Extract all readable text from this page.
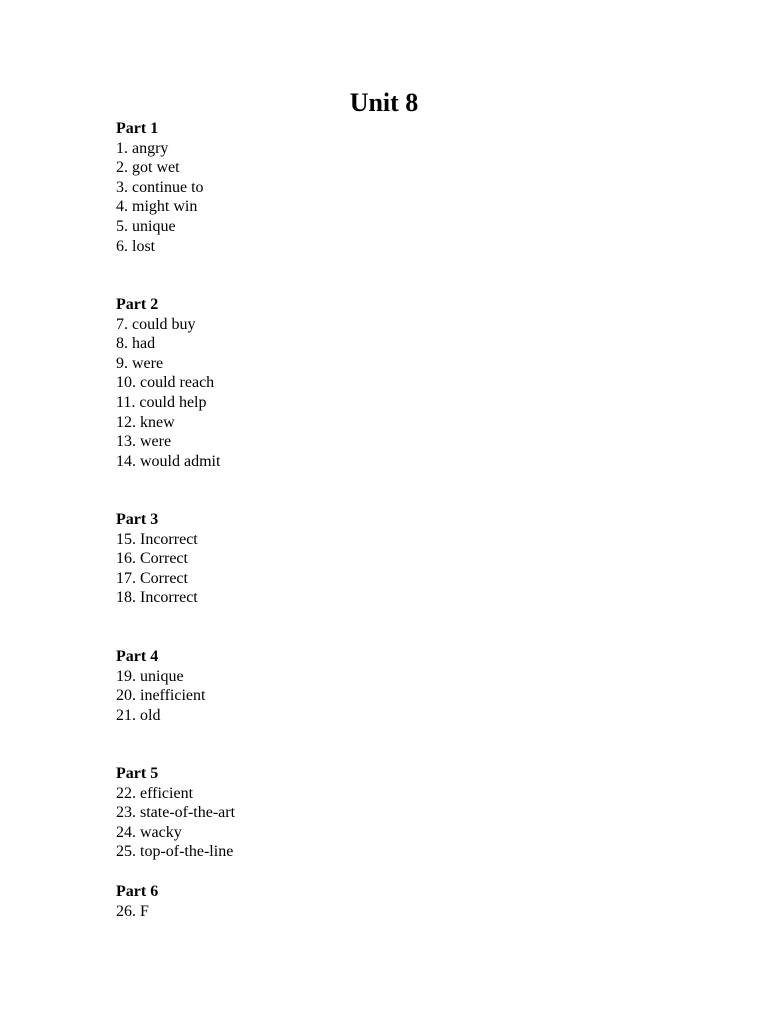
Unit 8
Part 1
1. angry
2. got wet
3. continue to
4. might win
5. unique
6. lost
Part 2
7. could buy
8. had
9. were
10. could reach
11. could help
12. knew
13. were
14. would admit
Part 3
15. Incorrect
16. Correct
17. Correct
18. Incorrect
Part 4
19. unique
20. inefficient
21. old
Part 5
22. efficient
23. state-of-the-art
24. wacky
25. top-of-the-line
Part 6
26. F
